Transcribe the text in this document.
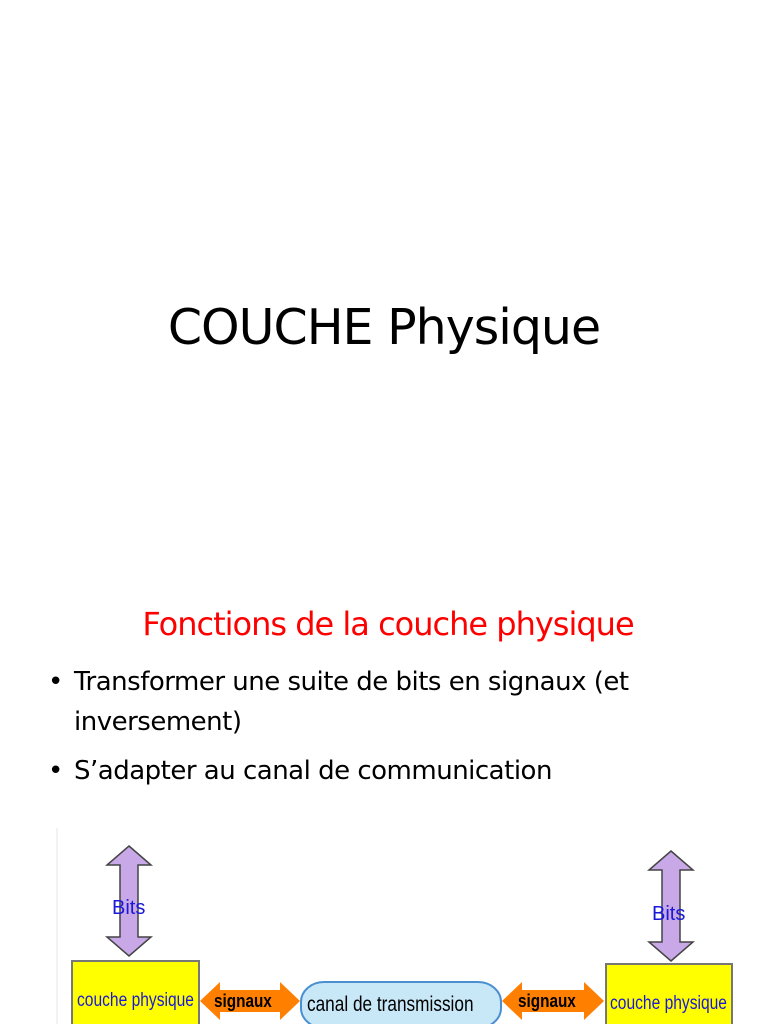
COUCHE Physique
Fonctions de la couche physique
• Transformer une suite de bits en signaux (et inversement)
• S’adapter au canal de communication
Bits	Bits
couche physique	couche physique
signaux	signaux
canal de transmission
